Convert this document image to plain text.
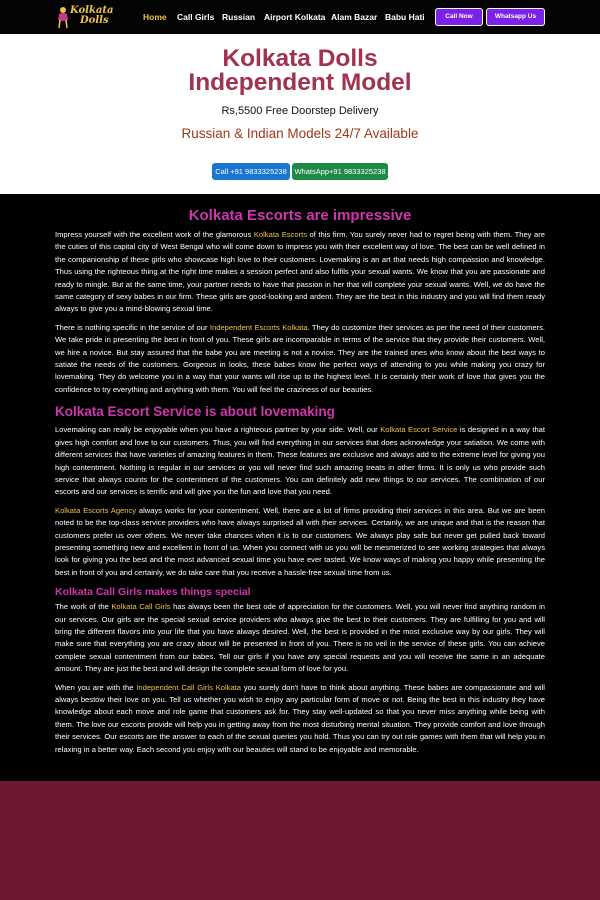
Kolkata
Dolls	Home Call Girls Russian Airport Kolkata Alam Bazar Babu Hati	Call Now	Whatsapp Us
Kolkata Dolls
Independent Model
Rs,5500 Free Doorstep Delivery
Russian & Indian Models 24/7 Available
Call +91 9833325238	WhatsApp+91 9833325238
Kolkata Escorts are impressive

Impress yourself with the excellent work of the glamorous Kolkata Escorts of this firm. You surely never had to regret being with them. They are the cuties of this capital city of West Bengal who will come down to impress you with their excellent way of love. The best can be well defined in the companionship of these girls who showcase high love to their customers. Lovemaking is an art that needs high compassion and knowledge. Thus using the righteous thing at the right time makes a session perfect and also fulfils your sexual wants. We know that you are passionate and ready to mingle. But at the same time, your partner needs to have that passion in her that will complete your sexual wants. Well, we do have the same category of sexy babes in our firm. These girls are good-looking and ardent. They are the best in this industry and you will find them ready always to give you a mind-blowing sexual time.

There is nothing specific in the service of our Independent Escorts Kolkata. They do customize their services as per the need of their customers. We take pride in presenting the best in front of you. These girls are incomparable in terms of the service that they provide their customers. Well, we hire a novice. But stay assured that the babe you are meeting is not a novice. They are the trained ones who know about the best ways to satiate the needs of the customers. Gorgeous in looks, these babes know the perfect ways of attending to you while making you crazy for lovemaking. They do welcome you in a way that your wants will rise up to the highest level. It is certainly their work of love that gives you the confidence to try everything and anything with them. You will feel the craziness of our beauties.

Kolkata Escort Service is about lovemaking

Lovemaking can really be enjoyable when you have a righteous partner by your side. Well, our Kolkata Escort Service is designed in a way that gives high comfort and love to our customers. Thus, you will find everything in our services that does acknowledge your satiation. We come with different services that have varieties of amazing features in them. These features are exclusive and always add to the extreme level for giving you high contentment. Nothing is regular in our services or you will never find such amazing treats in other firms. It is only us who provide such service that always counts for the contentment of the customers. You can definitely add new things to our services. The combination of our escorts and our services is terrific and will give you the fun and love that you need.

Kolkata Escorts Agency always works for your contentment. Well, there are a lot of firms providing their services in this area. But we are been noted to be the top-class service providers who have always surprised all with their services. Certainly, we are unique and that is the reason that customers prefer us over others. We never take chances when it is to our customers. We always play safe but never get pulled back toward presenting something new and excellent in front of us. When you connect with us you will be mesmerized to see working strategies that always look for giving you the best and the most advanced sexual time you have ever tasted. We know ways of making you happy while presenting the best in front of you and certainly, we do take care that you receive a hassle-free sexual time from us.

Kolkata Call Girls makes things special

The work of the Kolkata Call Girls has always been the best ode of appreciation for the customers. Well, you will never find anything random in our services. Our girls are the special sexual service providers who always give the best to their customers. They are fulfilling for you and will bring the different flavors into your life that you have always desired. Well, the best is provided in the most exclusive way by our girls. They will make sure that everything you are crazy about will be presented in front of you. There is no veil in the service of these girls. You can achieve complete sexual contentment from our babes. Tell our girls if you have any special requests and you will receive the same in an adequate amount. They are just the best and will design the complete sexual form of love for you.

When you are with the Independent Call Girls Kolkata you surely don't have to think about anything. These babes are compassionate and will always bestow their love on you. Tell us whether you wish to enjoy any particular form of move or not. Being the best in this industry they have knowledge about each move and role game that customers ask for. They stay well-updated so that you never miss anything while being with them. The love our escorts provide will help you in getting away from the most disturbing mental situation. They provide comfort and love through their services. Our escorts are the answer to each of the sexual queries you hold. Thus you can try out role games with them that will help you in relaxing in a better way. Each second you enjoy with our beauties will stand to be enjoyable and memorable.
